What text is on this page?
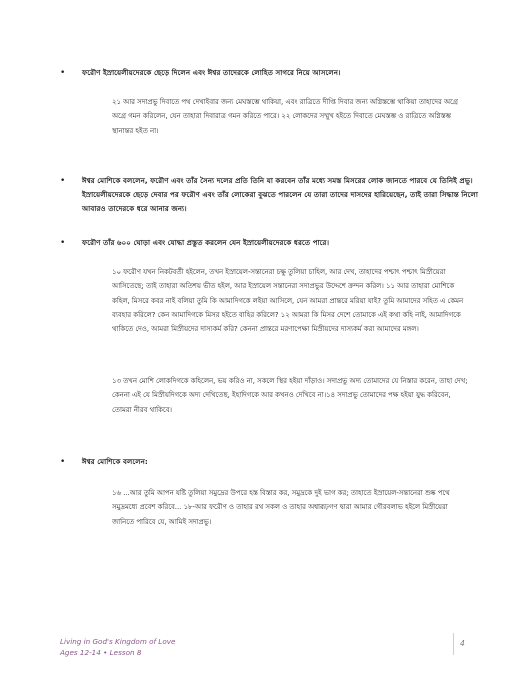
•	ফরৌণ ইস্রায়েলীয়দেরকে ছেড়ে দিলেন এবং ঈশ্বর তাদেরকে লোহিত সাগরে নিয়ে আসলেন।
২১ আর সদাপ্রভু দিবাতে পথ দেখাইবার জন্য মেঘস্তম্ভে থাকিয়া, এবং রাত্রিতে দীপ্তি দিবার জন্য অগ্নিস্তম্ভে থাকিয়া তাহাদের অগ্রে অগ্রে গমন করিলেন, যেন তাহারা দিবারাত্র গমন করিতে পারে। ২২ লোকদের সম্মুখ হইতে দিবাতে মেঘস্তম্ভ ও রাত্রিতে অগ্নিস্তম্ভ স্থানান্তর হইত না।
•	ঈশ্বর মোশিকে বললেন, ফরৌণ এবং তাঁর সৈন্য দলের প্রতি তিনি যা করবেন তাঁর মধ্যে সমস্ত মিসরের লোক জানতে পারবে যে তিনিই প্রভু। ইস্রায়েলীয়দেরকে ছেড়ে দেবার পর ফরৌণ এবং তাঁর লোকেরা বুঝতে পারলেন যে তারা তাদের দাসদের হারিয়েছেন, তাই তারা সিদ্ধান্ত নিলো আবারও তাদেরকে ধরে আনার জন্য।
•	ফরৌণ তাঁর ৬০০ ঘোড়া এবং যোদ্ধা প্রস্তুত করলেন যেন ইস্রায়েলীয়দেরকে ধরতে পারে।
১০ ফরৌণ যখন নিকটবর্তী হইলেন, তখন ইস্রায়েল-সন্তানেরা চক্ষু তুলিয়া চাহিল, আর দেখ, তাহাদের পশ্চাৎ পশ্চাৎ মিস্রীয়েরা আসিতেছে; তাই তাহারা অতিশয় ভীত হইল, আর ইস্রায়েল সন্তানেরা সদাপ্রভুর উদ্দেশে ক্রন্দন করিল। ১১ আর তাহারা মোশিকে কহিল, মিসরে কবর নাই বলিয়া তুমি কি আমাদিগকে লইয়া আসিলে, যেন আমরা প্রান্তরে মরিয়া যাই? তুমি আমাদের সহিত এ কেমন ব্যবহার করিলে? কেন আমাদিগকে মিসর হইতে বাহির করিলে? ১২ আমরা কি মিসর দেশে তোমাকে এই কথা কহি নাই, আমাদিগকে থাকিতে দেও, আমরা মিস্রীয়দের দাস্যকর্ম করি? কেননা প্রান্তরে মরণাপেক্ষা মিস্রীয়দের দাস্যকর্ম করা আমাদের মঙ্গল।
১৩ তখন মোশি লোকদিগকে কহিলেন, ভয় করিও না, সকলে স্থির হইয়া দাঁড়াও। সদাপ্রভু অদ্য তোমাদের যে নিস্তার করেন, তাহা দেখ; কেননা এই যে মিস্রীয়দিগকে অদ্য দেখিতেছ, ইহাদিগকে আর কখনও দেখিবে না।১৪ সদাপ্রভু তোমাদের পক্ষ হইয়া যুদ্ধ করিবেন, তোমরা নীরব থাকিবে।
•	ঈশ্বর মোশিকে বললেন:
১৬ ...আর তুমি আপন যষ্টি তুলিয়া সমুদ্রের উপরে হস্ত বিস্তার কর, সমুদ্রকে দুই ভাগ কর; তাহাতে ইস্রায়েল-সন্তানেরা শুষ্ক পথে সমুদ্রমধ্যে প্রবেশ করিবে... ১৮-আর ফরৌণ ও তাহার রথ সকল ও তাহার অশ্বারূঢ়গণ দ্বারা আমার গৌরবলাভ হইলে মিস্রীয়েরা জানিতে পারিবে যে, আমিই সদাপ্রভু।
Living in God's Kingdom of Love
Ages 12-14 • Lesson 8
4
